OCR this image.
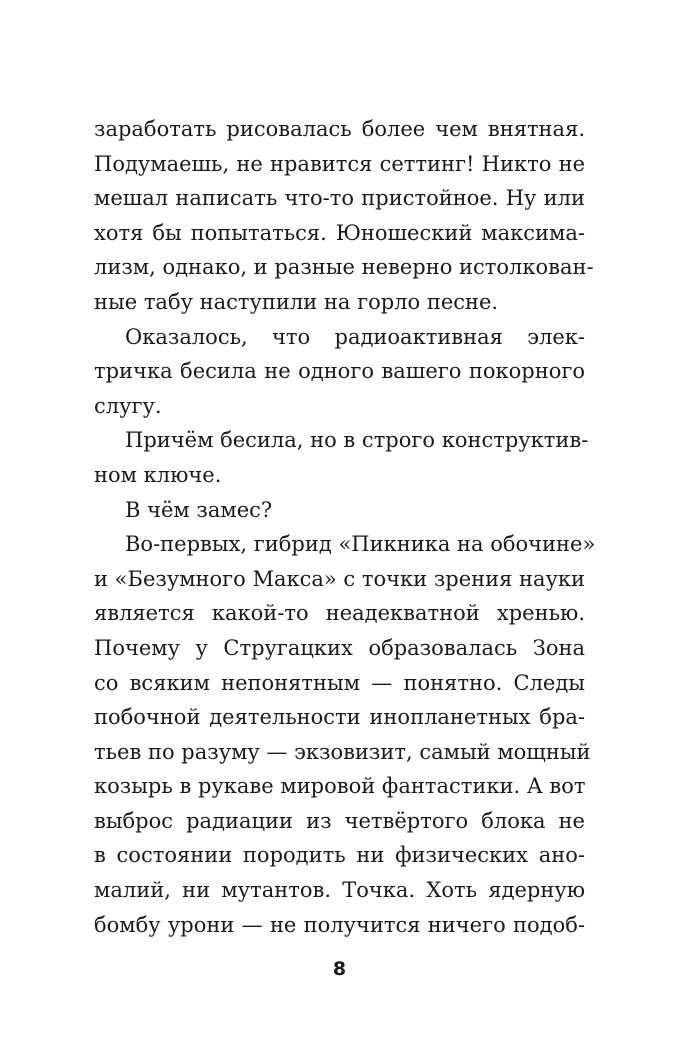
заработать рисовалась более чем внятная.
Подумаешь, не нравится сеттинг! Никто не
мешал написать что-то пристойное. Ну или
хотя бы попытаться. Юношеский максима-
лизм, однако, и разные неверно истолкован-
ные табу наступили на горло песне.
Оказалось, что радиоактивная элек-
тричка бесила не одного вашего покорного
слугу.
Причём бесила, но в строго конструктив-
ном ключе.
В чём замес?
Во-первых, гибрид «Пикника на обочине»
и «Безумного Макса» с точки зрения науки
является какой-то неадекватной хренью.
Почему у Стругацких образовалась Зона
со всяким непонятным — понятно. Следы
побочной деятельности инопланетных бра-
тьев по разуму — экзовизит, самый мощный
козырь в рукаве мировой фантастики. А вот
выброс радиации из четвёртого блока не
в состоянии породить ни физических ано-
малий, ни мутантов. Точка. Хоть ядерную
бомбу урони — не получится ничего подоб-
8
